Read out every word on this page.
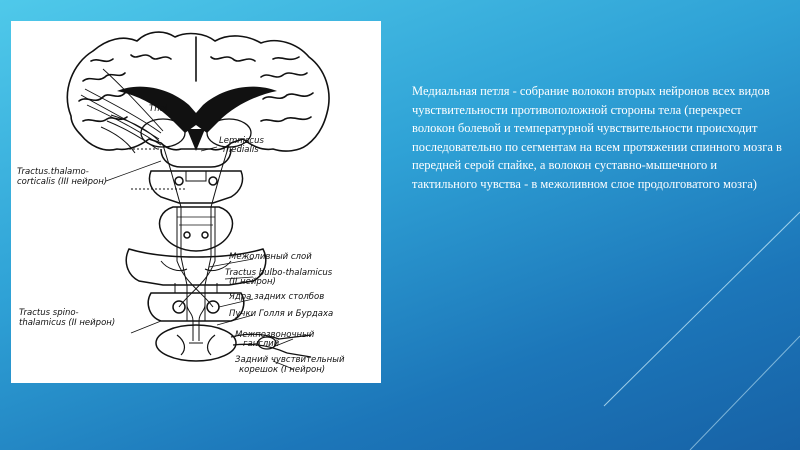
Thal
Lemniscus
medialis
Tractus.thalamo-
corticalis (III нейрон)
Межоливный слой
Tractus bulbo-thalamicus
(II нейрон)
Ядра задних столбов
Пучки Голля и Бурдаха
Tractus spino-
thalamicus (II нейрон)
Межпозвоночный
ганглий
Задний чувствительный
корешок (I нейрон)
Медиальная петля - собрание волокон вторых нейронов всех видов чувствительности противоположной стороны тела (перекрест волокон болевой и температурной чувствительности происходит последовательно по сегментам на всем протяжении спинного мозга в передней серой спайке, а волокон суставно-мышечного и тактильного чувства - в межоливном слое продолговатого мозга)
